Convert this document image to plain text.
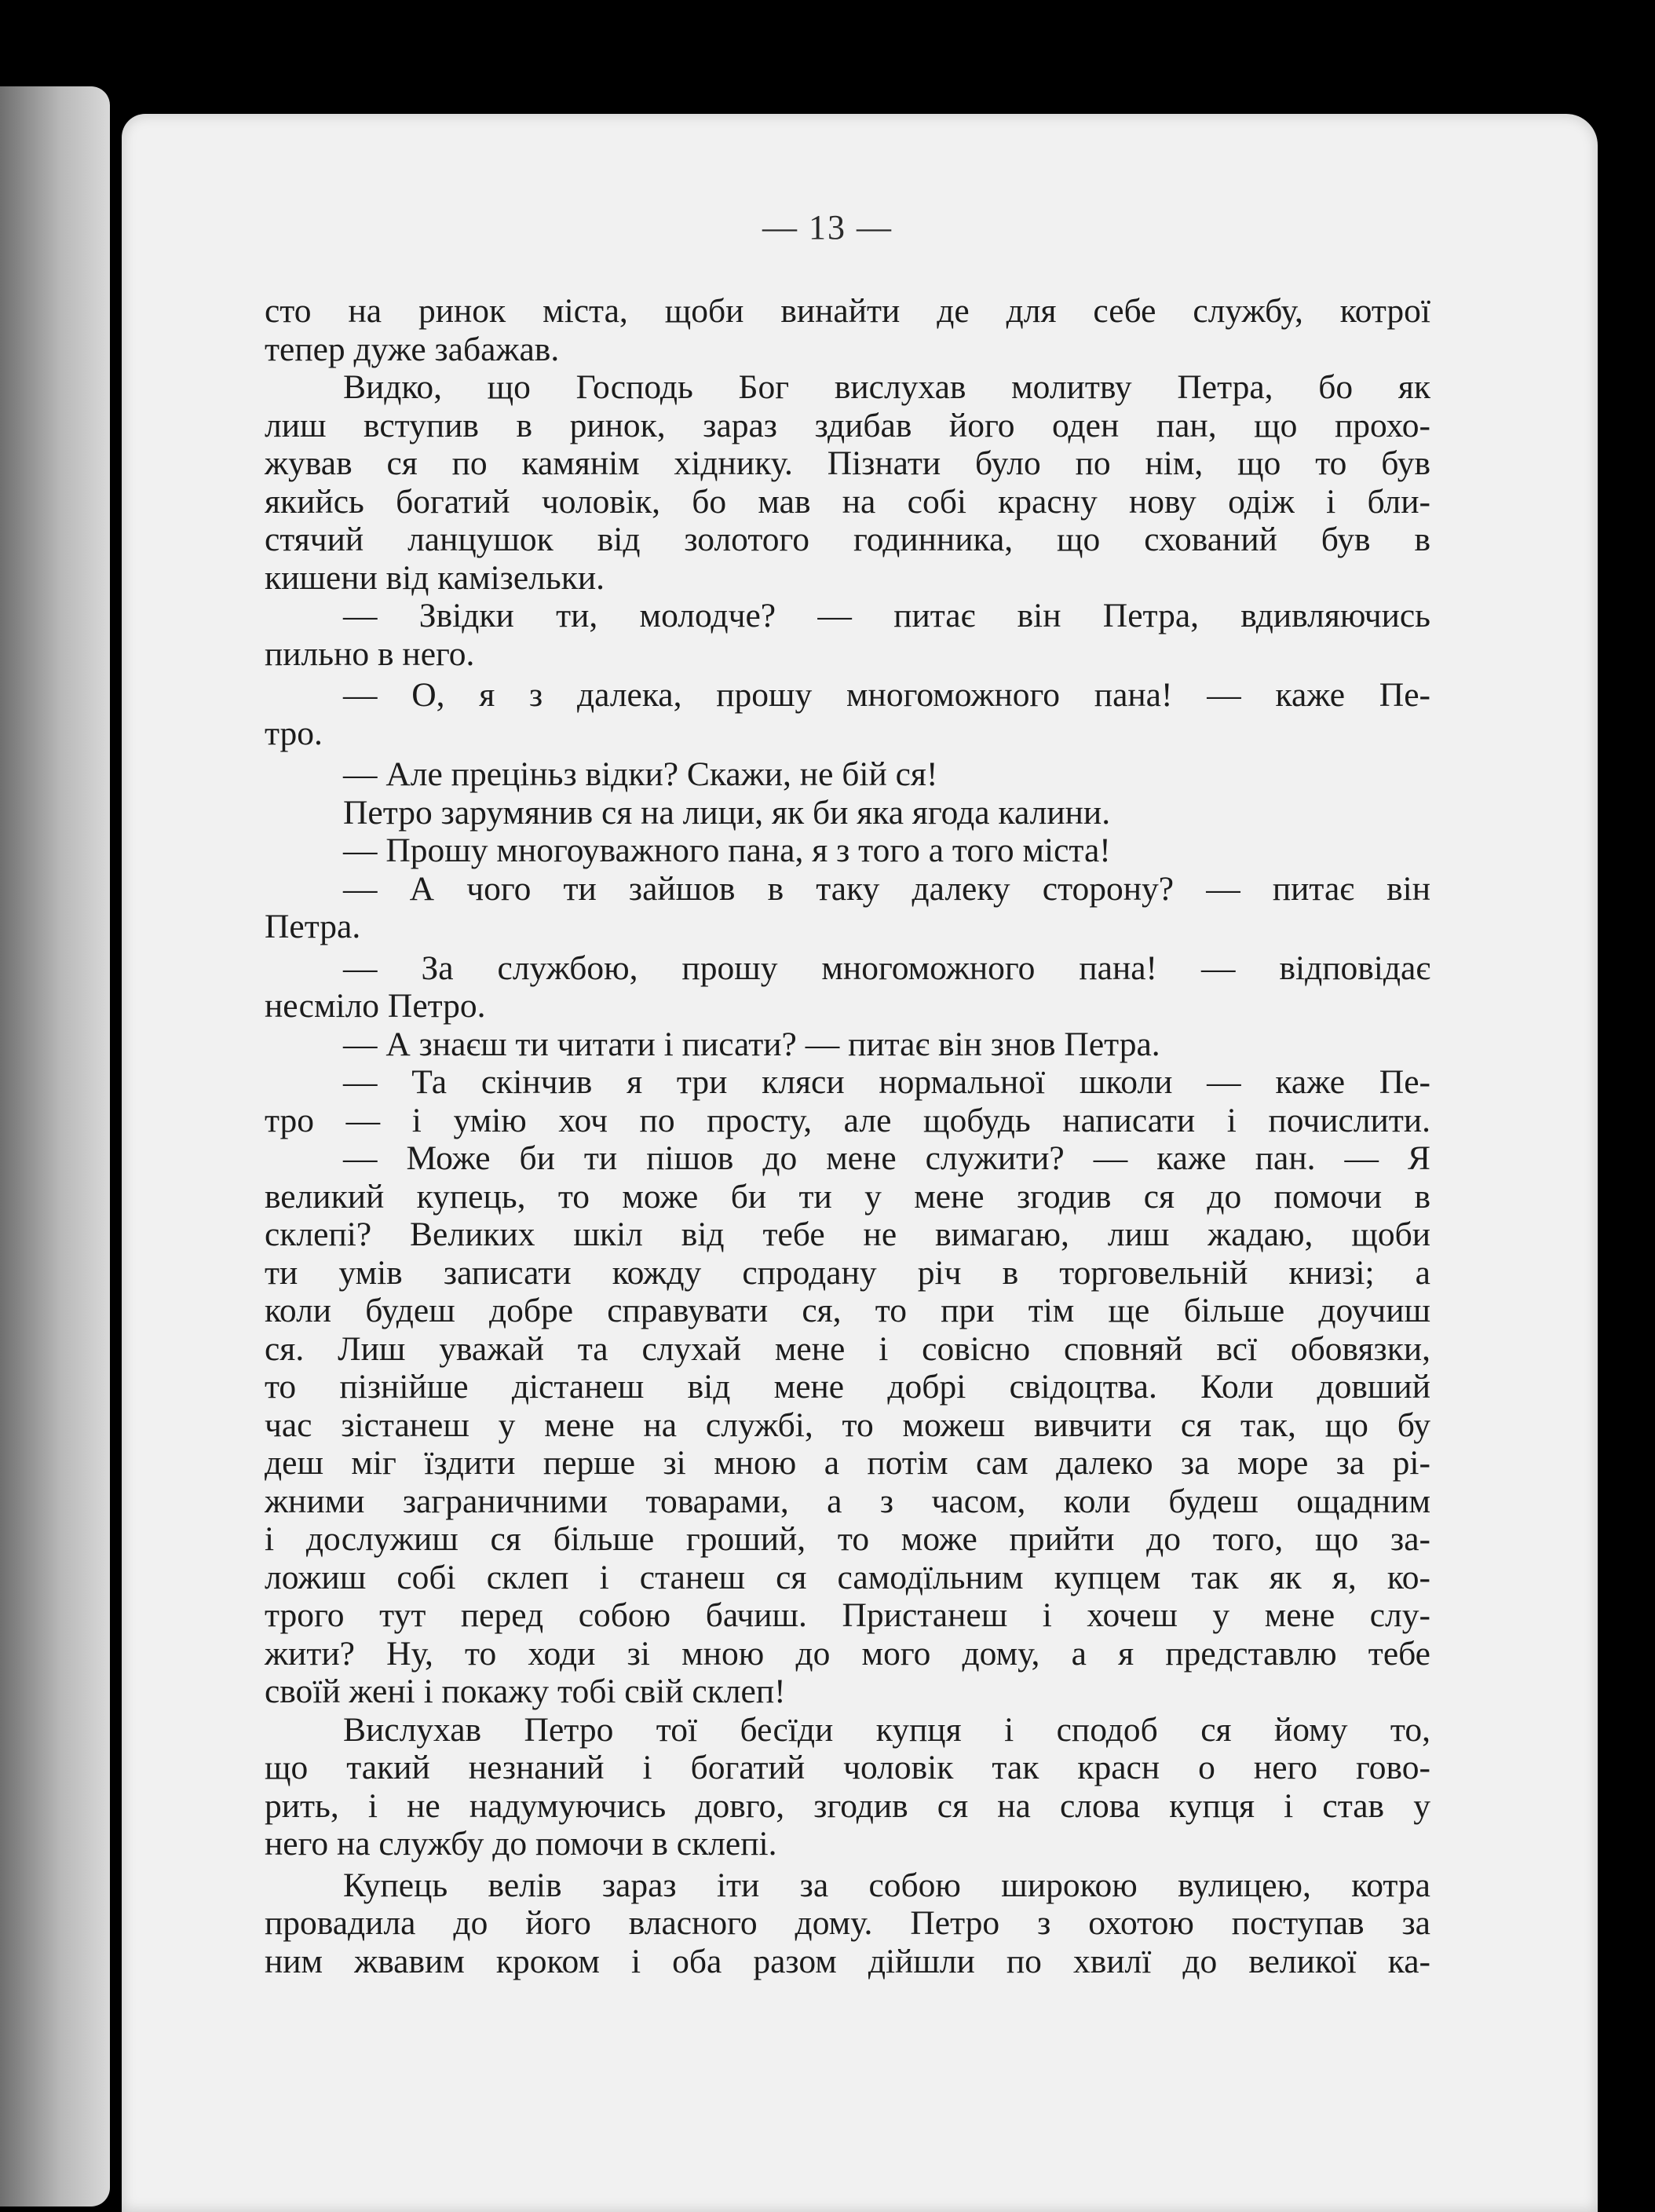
— 13 —
сто на ринок міста, щоби винайти де для себе службу, котрої
тепер дуже забажав.
Видко, що Господь Бог вислухав молитву Петра, бо як
лиш вступив в ринок, зараз здибав його оден пан, що прохо-
жував ся по камянім хіднику. Пізнати було по нім, що то був
якийсь богатий чоловік, бо мав на собі красну нову одіж і бли-
стячий ланцушок від золотого годинника, що схований був в
кишени від камізельки.
— Звідки ти, молодче? — питає він Петра, вдивляючись
пильно в него.
— О, я з далека, прошу многоможного пана! — каже Пе-
тро.
— Але преціньз відки? Скажи, не бій ся!
Петро зарумянив ся на лици, як би яка ягода калини.
— Прошу многоуважного пана, я з того а того міста!
— А чого ти зайшов в таку далеку сторону? — питає він
Петра.
— За службою, прошу многоможного пана! — відповідає
несміло Петро.
— А знаєш ти читати і писати? — питає він знов Петра.
— Та скінчив я три кляси нормальної школи — каже Пе-
тро — і умію хоч по просту, але щобудь написати і почислити.
— Може би ти пішов до мене служити? — каже пан. — Я
великий купець, то може би ти у мене згодив ся до помочи в
склепі? Великих шкіл від тебе не вимагаю, лиш жадаю, щоби
ти умів записати кожду спродану річ в торговельній книзі; а
коли будеш добре справувати ся, то при тім ще більше доучиш
ся. Лиш уважай та слухай мене і совісно сповняй всї обовязки,
то пізнійше дістанеш від мене добрі свідоцтва. Коли довший
час зістанеш у мене на службі, то можеш вивчити ся так, що бу
деш міг їздити перше зі мною а потім сам далеко за море за рі-
жними заграничними товарами, а з часом, коли будеш ощадним
і дослужиш ся більше гроший, то може прийти до того, що за-
ложиш собі склеп і станеш ся самодїльним купцем так як я, ко-
трого тут перед собою бачиш. Пристанеш і хочеш у мене слу-
жити? Ну, то ходи зі мною до мого дому, а я представлю тебе
своїй жені і покажу тобі свій склеп!
Вислухав Петро тої бесїди купця і сподоб ся йому то,
що такий незнаний і богатий чоловік так красн о него гово-
рить, і не надумуючись довго, згодив ся на слова купця і став у
него на службу до помочи в склепі.
Купець велів зараз іти за собою широкою вулицею, котра
провадила до його власного дому. Петро з охотою поступав за
ним жвавим кроком і оба разом дійшли по хвилї до великої ка-
